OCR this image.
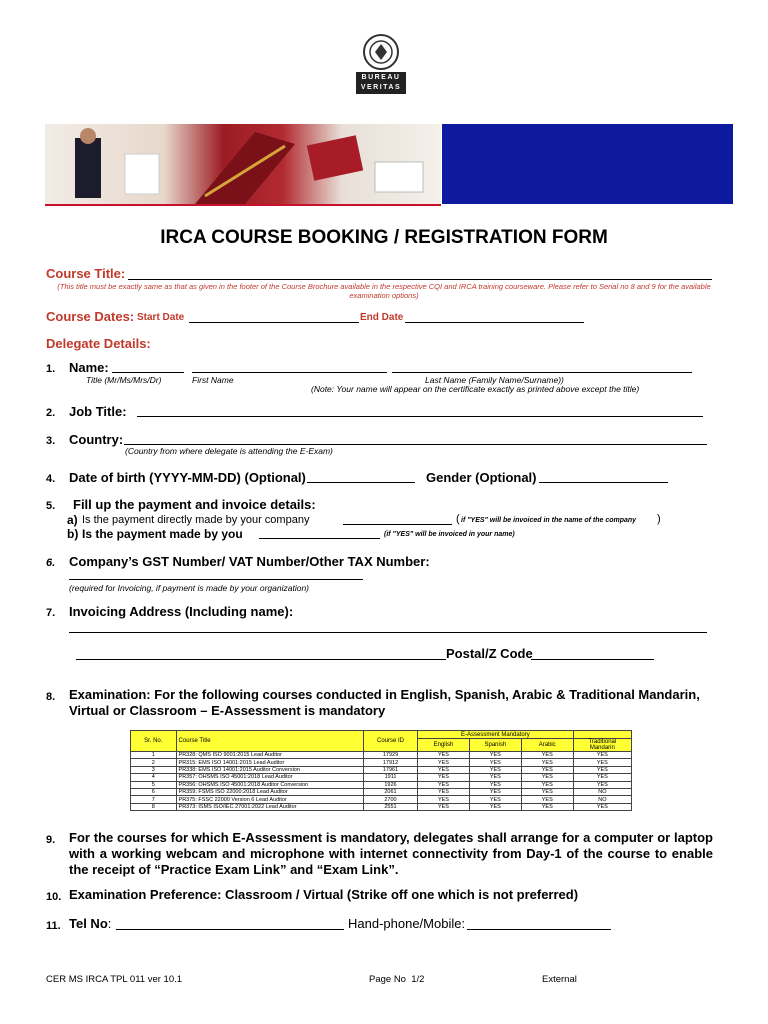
BUREAU
VERITAS
IRCA COURSE BOOKING / REGISTRATION FORM
Course Title:
(This title must be exactly same as that as given in the footer of the Course Brochure available in the respective CQI and IRCA training courseware. Please refer to Serial no 8 and 9 for the available examination options)
Course Dates: Start Date	End Date
Delegate Details:
1. Name:
Title (Mr/Ms/Mrs/Dr)	First Name	Last Name (Family Name/Surname))
(Note: Your name will appear on the certificate exactly as printed above except the title)
2. Job Title:
3. Country:
(Country from where delegate is attending the E-Exam)
4. Date of birth (YYYY-MM-DD) (Optional)	Gender (Optional)
5. Fill up the payment and invoice details:
a) Is the payment directly made by your company	( if "YES" will be invoiced in the name of the company )
b) Is the payment made by you	(if "YES" will be invoiced in your name)
6. Company’s GST Number/ VAT Number/Other TAX Number:
(required for Invoicing, if payment is made by your organization)
7. Invoicing Address (Including name):
Postal/Z Code
8. Examination: For the following courses conducted in English, Spanish, Arabic & Traditional Mandarin, Virtual or Classroom – E-Assessment is mandatory
Sr. No.	Course Title	Course ID	E-Assessment Mandatory			
			English	Spanish	Arabic	Traditional Mandarin
1	PR328: QMS ISO 9001:2015 Lead Auditor	17929	YES	YES	YES	YES
2	PR315: EMS ISO 14001:2015 Lead Auditor	17912	YES	YES	YES	YES
3	PR338: EMS ISO 14001:2015 Auditor Conversion	17961	YES	YES	YES	YES
4	PR357: OHSMS ISO 45001:2018 Lead Auditor	1911	YES	YES	YES	YES
5	PR356: OHSMS ISO 45001:2018 Auditor Conversion	1926	YES	YES	YES	YES
6	PR359: FSMS ISO 22000:2018 Lead Auditor	2061	YES	YES	YES	NO
7	PR375: FSSC 22000 Version 6 Lead Auditor	2700	YES	YES	YES	NO
8	PR373: ISMS ISO/IEC 27001:2022 Lead Auditor	2551	YES	YES	YES	YES
9. For the courses for which E-Assessment is mandatory, delegates shall arrange for a computer or laptop with a working webcam and microphone with internet connectivity from Day-1 of the course to enable the receipt of “Practice Exam Link” and “Exam Link”.
10. Examination Preference: Classroom / Virtual (Strike off one which is not preferred)
11. Tel No:	Hand-phone/Mobile:
CER MS IRCA TPL 011 ver 10.1	Page No  1/2	External
